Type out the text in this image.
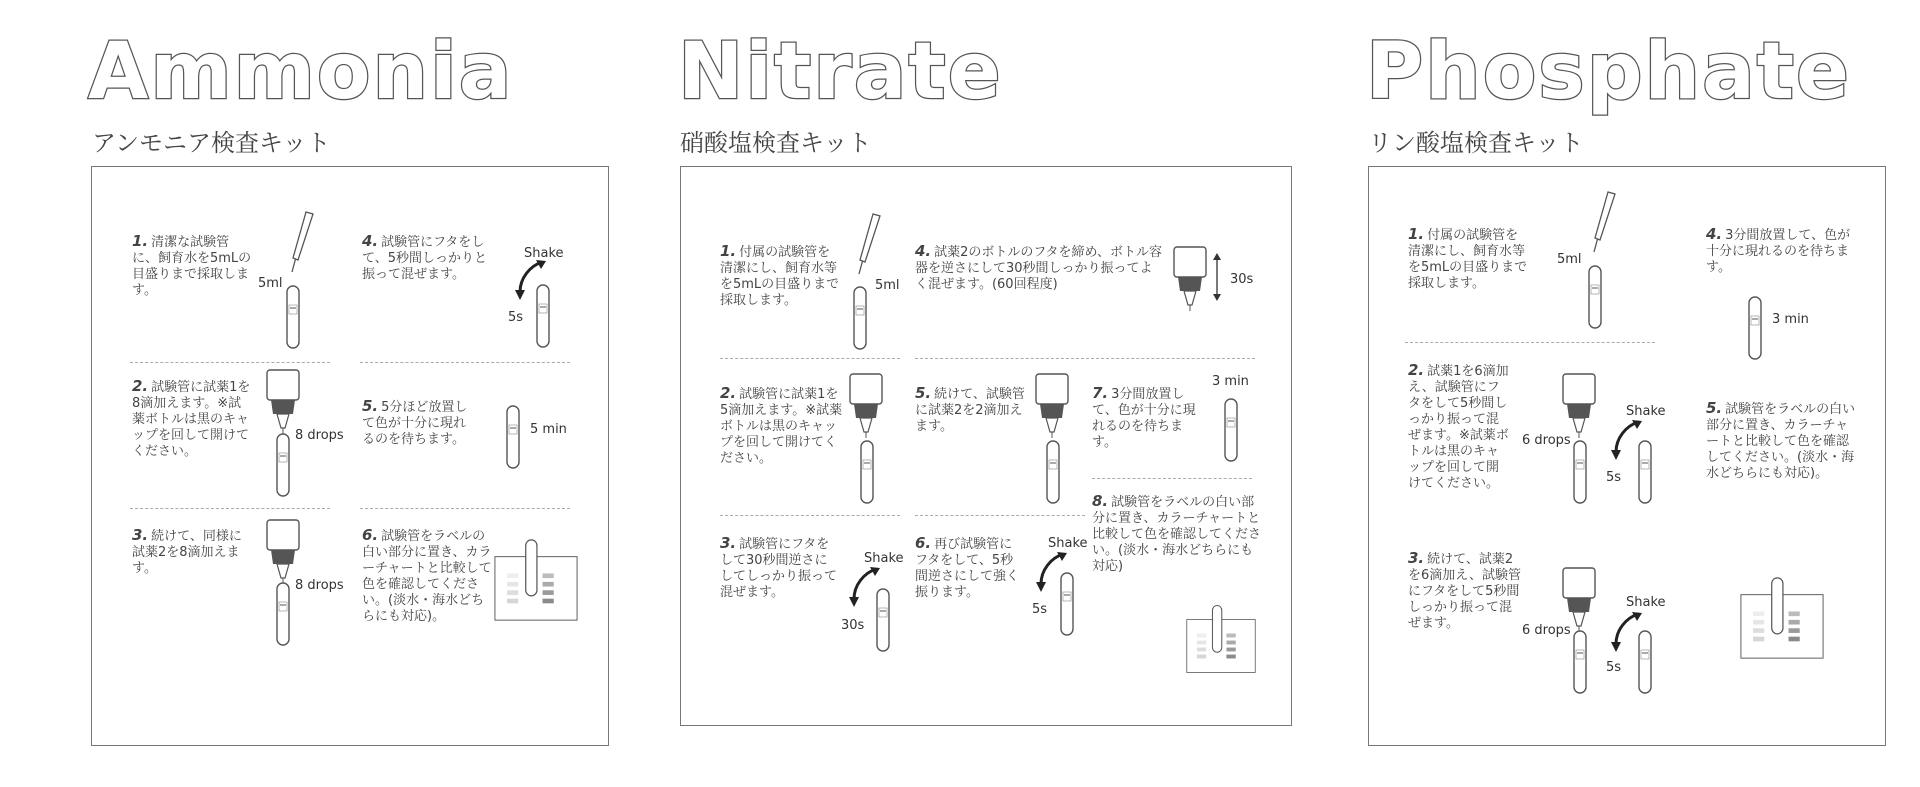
Ammonia
アンモニア検査キット
1. 清潔な試験管に、飼育水を5mLの目盛りまで採取します。	5ml
4. 試験管にフタをして、5秒間しっかりと振って混ぜます。
Shake
5s
2. 試験管に試薬1を8滴加えます。※試薬ボトルは黒のキャップを回して開けてください。
8 drops
5. 5分ほど放置して色が十分に現れるのを待ちます。
5 min
3. 続けて、同様に試薬2を8滴加えます。
8 drops
6. 試験管をラベルの白い部分に置き、カラーチャートと比較して色を確認してください。(淡水・海水どちらにも対応)。
Nitrate
硝酸塩検査キット
1. 付属の試験管を清潔にし、飼育水等を5mLの目盛りまで採取します。
5ml
4. 試薬2のボトルのフタを締め、ボトル容器を逆さにして30秒間しっかり振ってよく混ぜます。(60回程度)	30s
2. 試験管に試薬1を5滴加えます。※試薬ボトルは黒のキャップを回して開けてください。
5. 続けて、試験管に試薬2を2滴加えます。
7. 3分間放置して、色が十分に現れるのを待ちます。
3 min
3. 試験管にフタをして30秒間逆さにしてしっかり振って混ぜます。
Shake
30s
6. 再び試験管にフタをして、5秒間逆さにして強く振ります。
Shake
5s
8. 試験管をラベルの白い部分に置き、カラーチャートと比較して色を確認してください。(淡水・海水どちらにも対応)
Phosphate
リン酸塩検査キット
1. 付属の試験管を清潔にし、飼育水等を5mLの目盛りまで採取します。
5ml
4. 3分間放置して、色が十分に現れるのを待ちます。
3 min
2. 試薬1を6滴加え、試験管にフタをして5秒間しっかり振って混ぜます。※試薬ボトルは黒のキャップを回して開けてください。
6 drops
Shake
5s
5. 試験管をラベルの白い部分に置き、カラーチャートと比較して色を確認してください。(淡水・海水どちらにも対応)。
3. 続けて、試薬2を6滴加え、試験管にフタをして5秒間しっかり振って混ぜます。	6 drops
Shake
5s
